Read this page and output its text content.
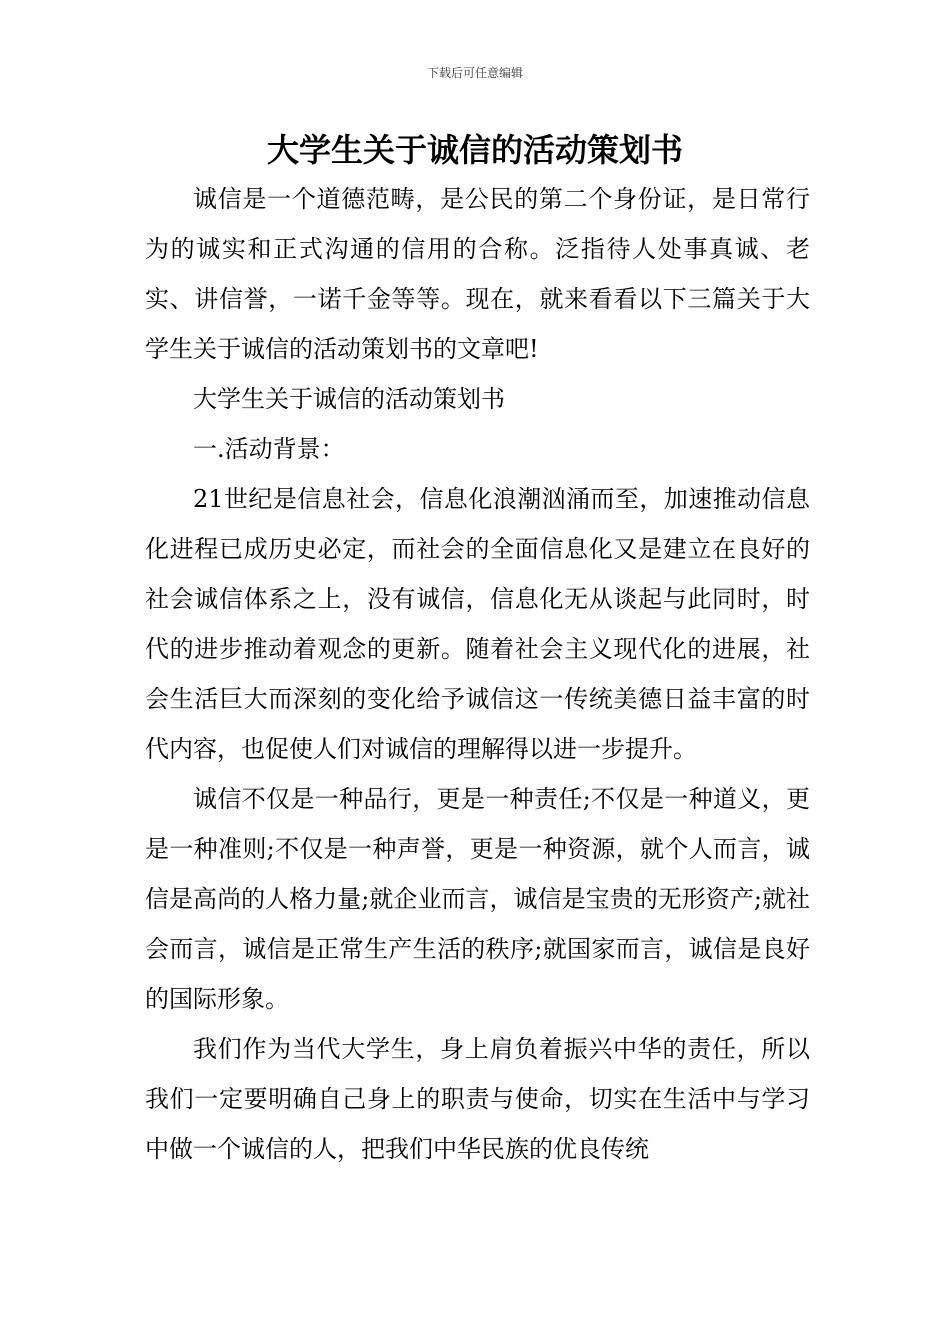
下载后可任意编辑
大学生关于诚信的活动策划书

诚信是一个道德范畴，是公民的第二个身份证，是日常行为的诚实和正式沟通的信用的合称。泛指待人处事真诚、老实、讲信誉，一诺千金等等。现在，就来看看以下三篇关于大学生关于诚信的活动策划书的文章吧!

大学生关于诚信的活动策划书

一.活动背景：

21世纪是信息社会，信息化浪潮汹涌而至，加速推动信息化进程已成历史必定，而社会的全面信息化又是建立在良好的社会诚信体系之上，没有诚信，信息化无从谈起与此同时，时代的进步推动着观念的更新。随着社会主义现代化的进展，社会生活巨大而深刻的变化给予诚信这一传统美德日益丰富的时代内容，也促使人们对诚信的理解得以进一步提升。

诚信不仅是一种品行，更是一种责任;不仅是一种道义，更是一种准则;不仅是一种声誉，更是一种资源，就个人而言，诚信是高尚的人格力量;就企业而言，诚信是宝贵的无形资产;就社会而言，诚信是正常生产生活的秩序;就国家而言，诚信是良好的国际形象。

我们作为当代大学生，身上肩负着振兴中华的责任，所以我们一定要明确自己身上的职责与使命，切实在生活中与学习中做一个诚信的人，把我们中华民族的优良传统
